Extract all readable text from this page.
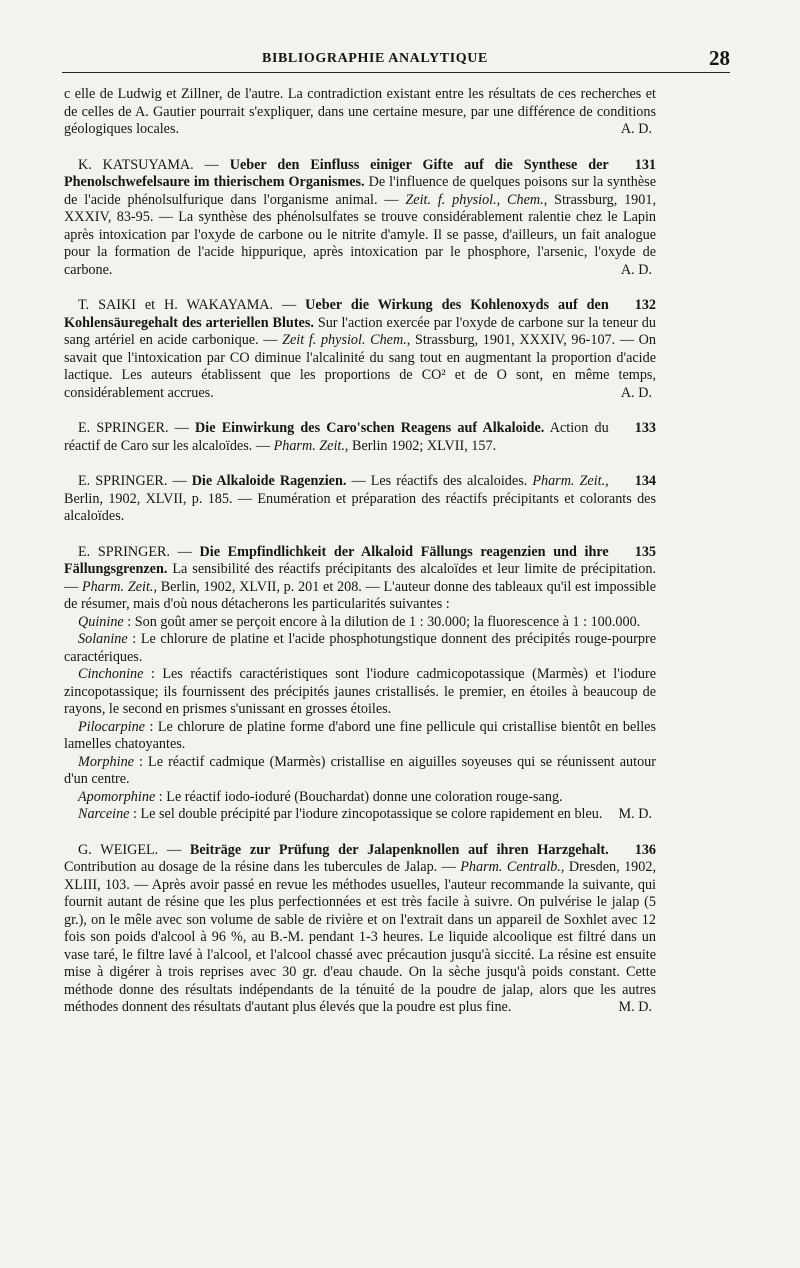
BIBLIOGRAPHIE ANALYTIQUE	28

c elle de Ludwig et Zillner, de l'autre. La contradiction existant entre les résultats de ces recherches et de celles de A. Gautier pourrait s'expliquer, dans une certaine mesure, par une différence de conditions géologiques locales.	A. D.

131
K. KATSUYAMA. — Ueber den Einfluss einiger Gifte auf die Synthese der Phenolschwefelsaure im thierischem Organismes. De l'influence de quelques poisons sur la synthèse de l'acide phénolsulfurique dans l'organisme animal. — Zeit. f. physiol., Chem., Strassburg, 1901, XXXIV, 83-95. — La synthèse des phénolsulfates se trouve considérablement ralentie chez le Lapin après intoxication par l'oxyde de carbone ou le nitrite d'amyle. Il se passe, d'ailleurs, un fait analogue pour la formation de l'acide hippurique, après intoxication par le phosphore, l'arsenic, l'oxyde de carbone.	A. D.

132
T. SAIKI et H. WAKAYAMA. — Ueber die Wirkung des Kohlenoxyds auf den Kohlensäuregehalt des arteriellen Blutes. Sur l'action exercée par l'oxyde de carbone sur la teneur du sang artériel en acide carbonique. — Zeit f. physiol. Chem., Strassburg, 1901, XXXIV, 96-107. — On savait que l'intoxication par CO diminue l'alcalinité du sang tout en augmentant la proportion d'acide lactique. Les auteurs établissent que les proportions de CO² et de O sont, en même temps, considérablement accrues.	A. D.

133
E. SPRINGER. — Die Einwirkung des Caro'schen Reagens auf Alkaloide. Action du réactif de Caro sur les alcaloïdes. — Pharm. Zeit., Berlin 1902; XLVII, 157.

134
E. SPRINGER. — Die Alkaloide Ragenzien. — Les réactifs des alcaloides. Pharm. Zeit., Berlin, 1902, XLVII, p. 185. — Enumération et préparation des réactifs précipitants et colorants des alcaloïdes.

135
E. SPRINGER. — Die Empfindlichkeit der Alkaloid Fällungs reagenzien und ihre Fällungsgrenzen. La sensibilité des réactifs précipitants des alcaloïdes et leur limite de précipitation. — Pharm. Zeit., Berlin, 1902, XLVII, p. 201 et 208. — L'auteur donne des tableaux qu'il est impossible de résumer, mais d'où nous détacherons les particularités suivantes :

Quinine : Son goût amer se perçoit encore à la dilution de 1 : 30.000; la fluorescence à 1 : 100.000.

Solanine : Le chlorure de platine et l'acide phosphotungstique donnent des précipités rouge-pourpre caractériques.

Cinchonine : Les réactifs caractéristiques sont l'iodure cadmicopotassique (Marmès) et l'iodure zincopotassique; ils fournissent des précipités jaunes cristallisés. le premier, en étoiles à beaucoup de rayons, le second en prismes s'unissant en grosses étoiles.

Pilocarpine : Le chlorure de platine forme d'abord une fine pellicule qui cristallise bientôt en belles lamelles chatoyantes.

Morphine : Le réactif cadmique (Marmès) cristallise en aiguilles soyeuses qui se réunissent autour d'un centre.

Apomorphine : Le réactif iodo-ioduré (Bouchardat) donne une coloration rouge-sang.

Narceine : Le sel double précipité par l'iodure zincopotassique se colore rapidement en bleu.	M. D.

136
G. WEIGEL. — Beiträge zur Prüfung der Jalapenknollen auf ihren Harzgehalt. Contribution au dosage de la résine dans les tubercules de Jalap. — Pharm. Centralb., Dresden, 1902, XLIII, 103. — Après avoir passé en revue les méthodes usuelles, l'auteur recommande la suivante, qui fournit autant de résine que les plus perfectionnées et est très facile à suivre. On pulvérise le jalap (5 gr.), on le mêle avec son volume de sable de rivière et on l'extrait dans un appareil de Soxhlet avec 12 fois son poids d'alcool à 96 %, au B.-M. pendant 1-3 heures. Le liquide alcoolique est filtré dans un vase taré, le filtre lavé à l'alcool, et l'alcool chassé avec précaution jusqu'à siccité. La résine est ensuite mise à digérer à trois reprises avec 30 gr. d'eau chaude. On la sèche jusqu'à poids constant. Cette méthode donne des résultats indépendants de la ténuité de la poudre de jalap, alors que les autres méthodes donnent des résultats d'autant plus élevés que la poudre est plus fine.	M. D.
